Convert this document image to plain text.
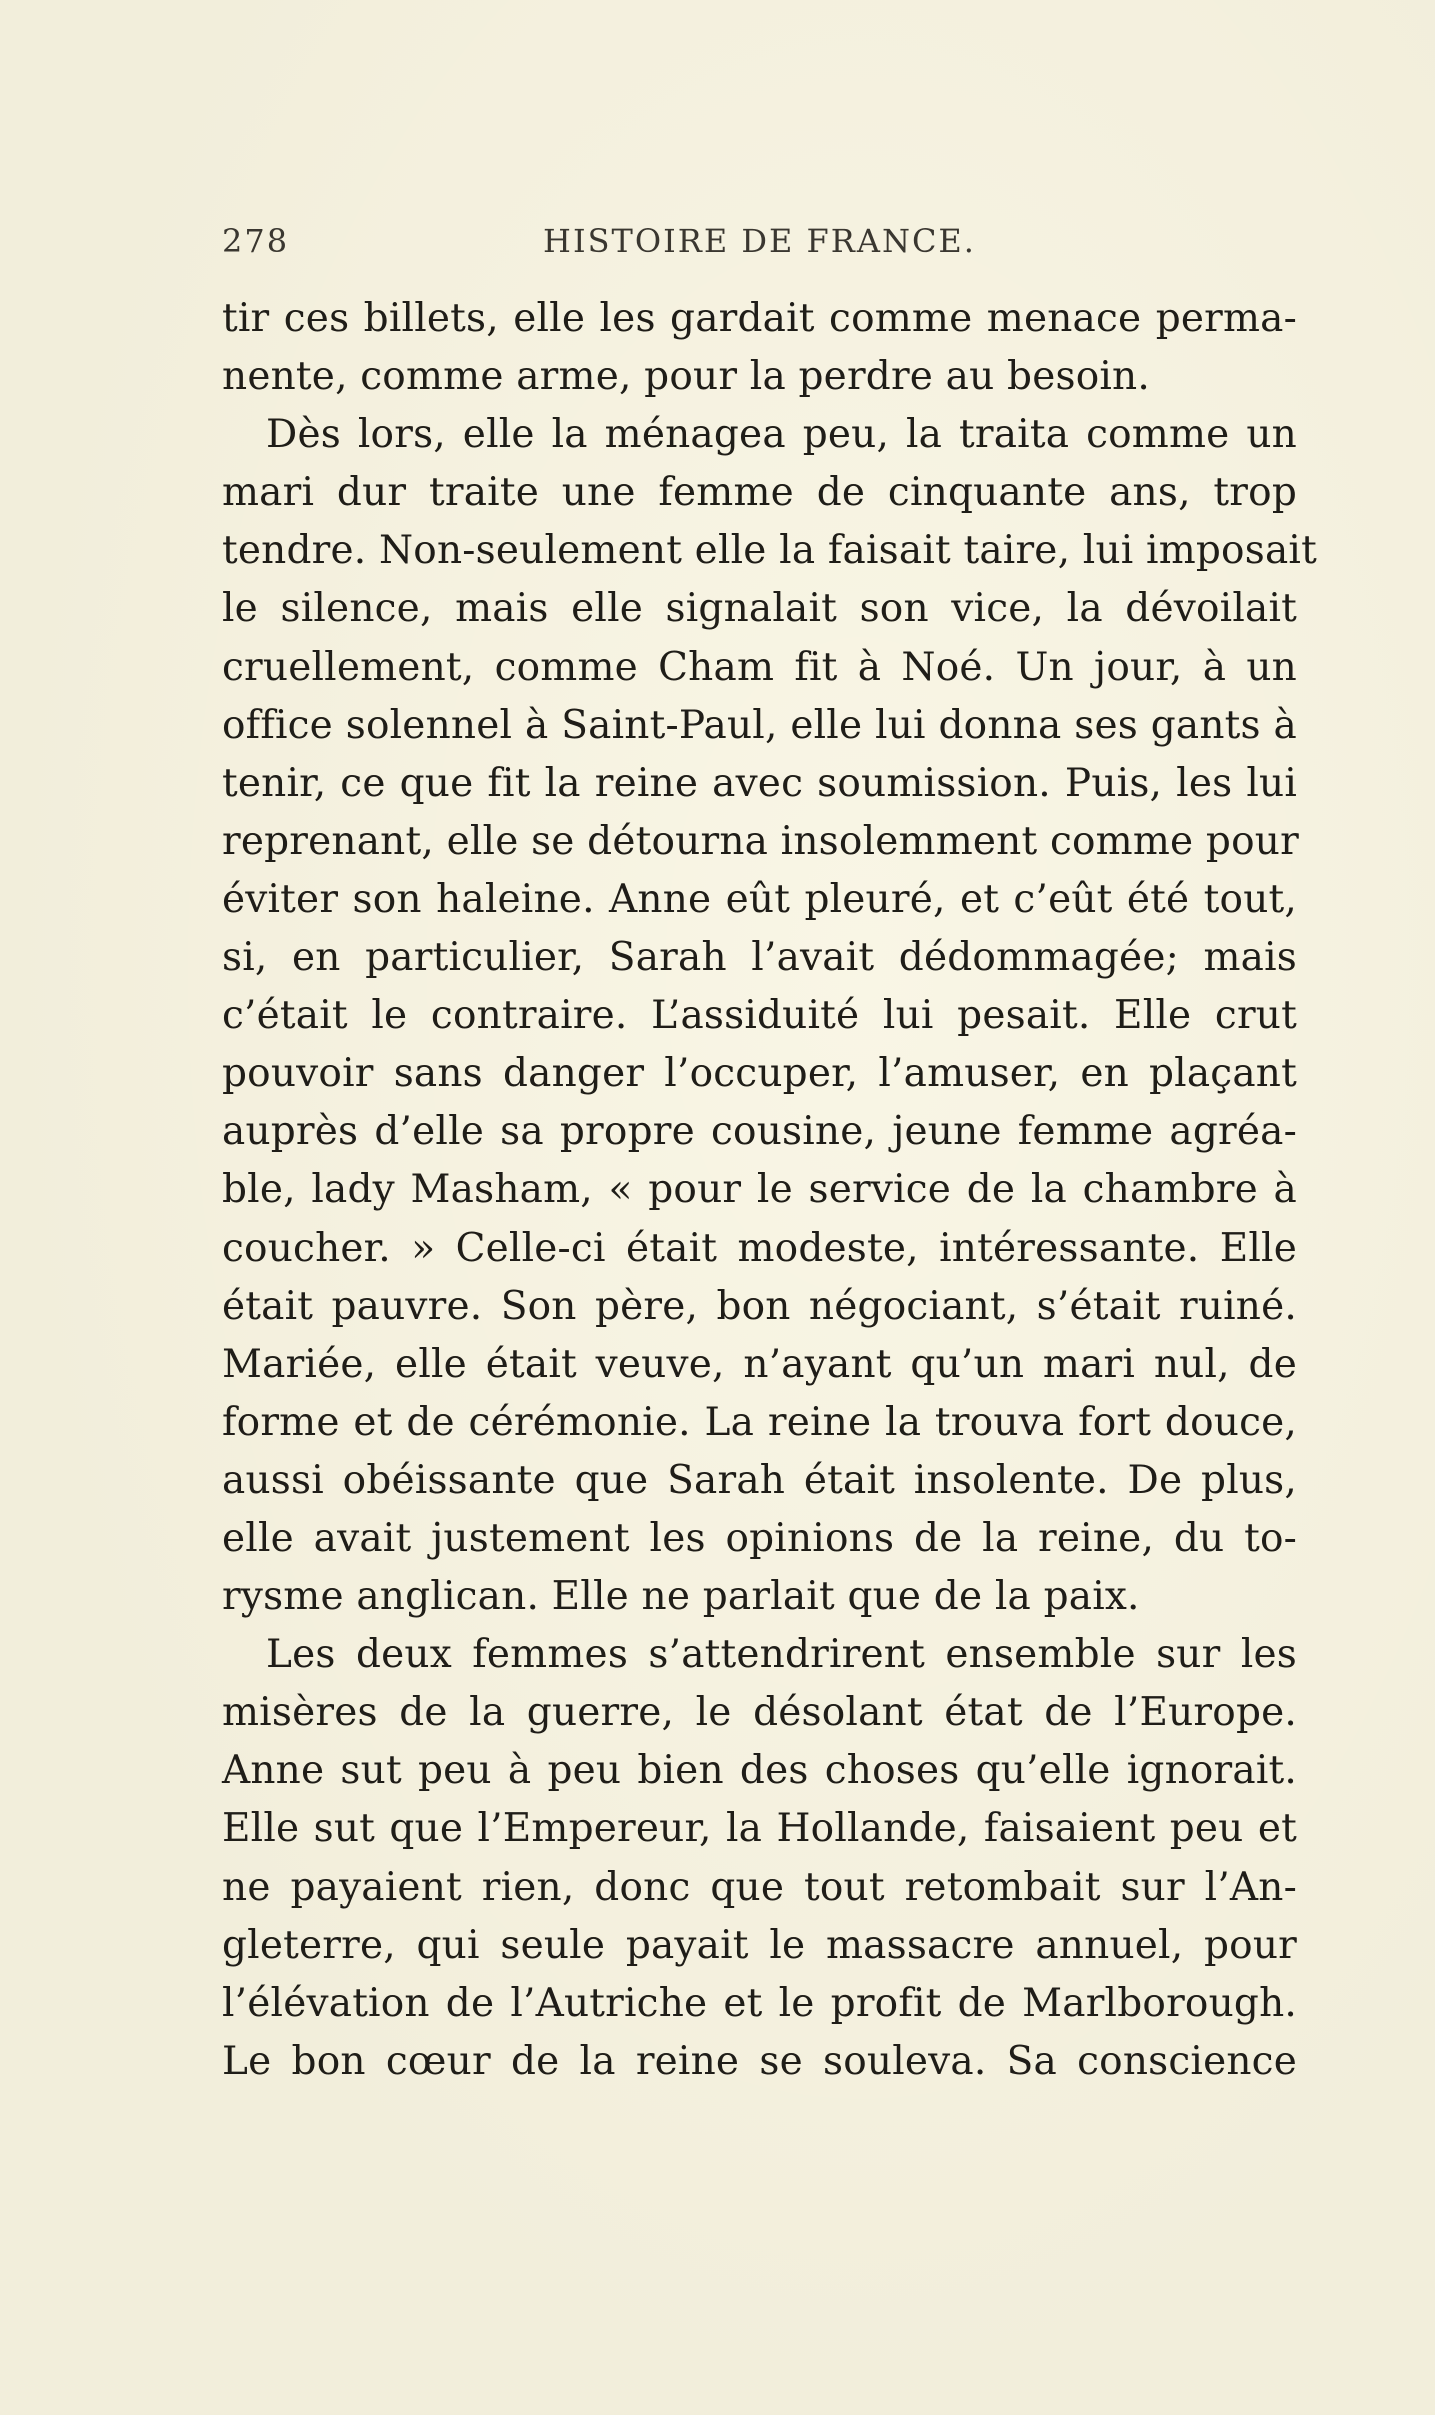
278	HISTOIRE DE FRANCE.
tir ces billets, elle les gardait comme menace perma-
nente, comme arme, pour la perdre au besoin.
Dès lors, elle la ménagea peu, la traita comme un
mari dur traite une femme de cinquante ans, trop
tendre. Non-seulement elle la faisait taire, lui imposait
le silence, mais elle signalait son vice, la dévoilait
cruellement, comme Cham fit à Noé. Un jour, à un
office solennel à Saint-Paul, elle lui donna ses gants à
tenir, ce que fit la reine avec soumission. Puis, les lui
reprenant, elle se détourna insolemment comme pour
éviter son haleine. Anne eût pleuré, et c’eût été tout,
si, en particulier, Sarah l’avait dédommagée; mais
c’était le contraire. L’assiduité lui pesait. Elle crut
pouvoir sans danger l’occuper, l’amuser, en plaçant
auprès d’elle sa propre cousine, jeune femme agréa-
ble, lady Masham, « pour le service de la chambre à
coucher. » Celle-ci était modeste, intéressante. Elle
était pauvre. Son père, bon négociant, s’était ruiné.
Mariée, elle était veuve, n’ayant qu’un mari nul, de
forme et de cérémonie. La reine la trouva fort douce,
aussi obéissante que Sarah était insolente. De plus,
elle avait justement les opinions de la reine, du to-
rysme anglican. Elle ne parlait que de la paix.
Les deux femmes s’attendrirent ensemble sur les
misères de la guerre, le désolant état de l’Europe.
Anne sut peu à peu bien des choses qu’elle ignorait.
Elle sut que l’Empereur, la Hollande, faisaient peu et
ne payaient rien, donc que tout retombait sur l’An-
gleterre, qui seule payait le massacre annuel, pour
l’élévation de l’Autriche et le profit de Marlborough.
Le bon cœur de la reine se souleva. Sa conscience
